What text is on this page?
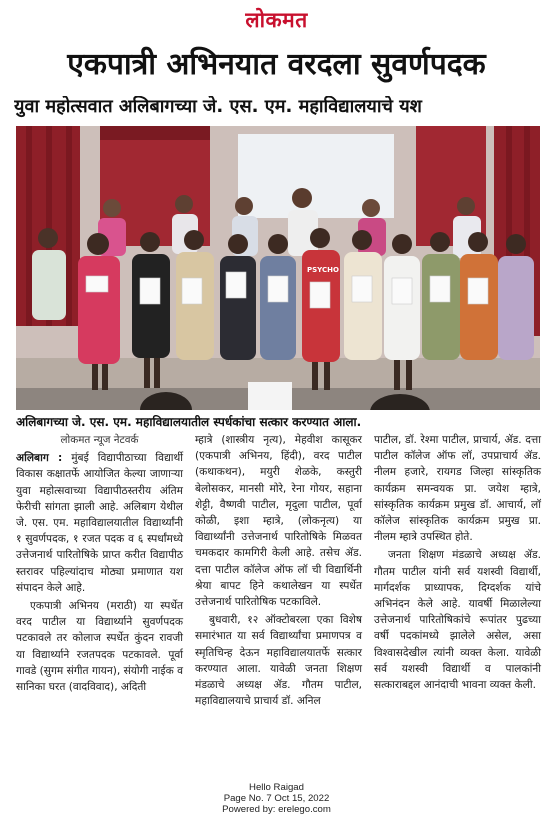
लोकमत
एकपात्री अभिनयात वरदला सुवर्णपदक
युवा महोत्सवात अलिबागच्या जे. एस. एम. महाविद्यालयाचे यश
PSYCHO
अलिबागच्या जे. एस. एम. महाविद्यालयातील स्पर्धकांचा सत्कार करण्यात आला.

लोकमत न्यूज नेटवर्क

अलिबाग : मुंबई विद्यापीठाच्या विद्यार्थी विकास कक्षातर्फे आयोजित केल्या जाणाऱ्या युवा महोत्सवाच्या विद्यापीठस्तरीय अंतिम फेरीची सांगता झाली आहे. अलिबाग येथील जे. एस. एम. महाविद्यालयातील विद्यार्थ्यांनी १ सुवर्णपदक, १ रजत पदक व ६ स्पर्धांमध्ये उत्तेजनार्थ पारितोषिके प्राप्त करीत विद्यापीठ स्तरावर पहिल्यांदाच मोठ्या प्रमाणात यश संपादन केले आहे.

एकपात्री अभिनय (मराठी) या स्पर्धेत वरद पाटील या विद्यार्थ्याने सुवर्णपदक पटकावले तर कोलाज स्पर्धेत कुंदन रावजी या विद्यार्थ्याने रजतपदक पटकावले. पूर्वा गावडे (सुगम संगीत गायन), संयोगी नाईक व सानिका घरत (वादविवाद), अदिती

म्हात्रे (शास्त्रीय नृत्य), मेहवीश कासूकर (एकपात्री अभिनय, हिंदी), वरद पाटील (कथाकथन), मयुरी शेळके, कस्तुरी बेलोसकर, मानसी मोरे, रेना गोयर, सहाना शेट्टी, वैष्णवी पाटील, मृदुला पाटील, पूर्वा कोळी, इशा म्हात्रे, (लोकनृत्य) या विद्यार्थ्यांनी उत्तेजनार्थ पारितोषिके मिळवत चमकदार कामगिरी केली आहे. तसेच ॲड. दत्ता पाटील कॉलेज ऑफ लॉ ची विद्यार्थिनी श्रेया बापट हिने कथालेखन या स्पर्धेत उत्तेजनार्थ पारितोषिक पटकाविले.

बुधवारी, १२ ऑक्टोबरला एका विशेष समारंभात या सर्व विद्यार्थ्यांचा प्रमाणपत्र व स्मृतिचिन्ह देऊन महाविद्यालयातर्फे सत्कार करण्यात आला. यावेळी जनता शिक्षण मंडळाचे अध्यक्ष ॲड. गौतम पाटील, महाविद्यालयाचे प्राचार्य डॉ. अनिल

पाटील, डॉ. रेश्मा पाटील, प्राचार्य, ॲड. दत्ता पाटील कॉलेज ऑफ लॉ, उपप्राचार्य ॲड. नीलम हजारे, रायगड जिल्हा सांस्कृतिक कार्यक्रम समन्वयक प्रा. जयेश म्हात्रे, सांस्कृतिक कार्यक्रम प्रमुख डॉ. आचार्य, लॉ कॉलेज सांस्कृतिक कार्यक्रम प्रमुख प्रा. नीलम म्हात्रे उपस्थित होते.

जनता शिक्षण मंडळाचे अध्यक्ष ॲड. गौतम पाटील यांनी सर्व यशस्वी विद्यार्थी, मार्गदर्शक प्राध्यापक, दिग्दर्शक यांचे अभिनंदन केले आहे. यावर्षी मिळालेल्या उत्तेजनार्थ पारितोषिकांचे रूपांतर पुढच्या वर्षी पदकांमध्ये झालेले असेल, असा विश्वासदेखील त्यांनी व्यक्त केला. यावेळी सर्व यशस्वी विद्यार्थी व पालकांनी सत्काराबद्दल आनंदाची भावना व्यक्त केली.

Hello Raigad
Page No. 7 Oct 15, 2022
Powered by: erelego.com
